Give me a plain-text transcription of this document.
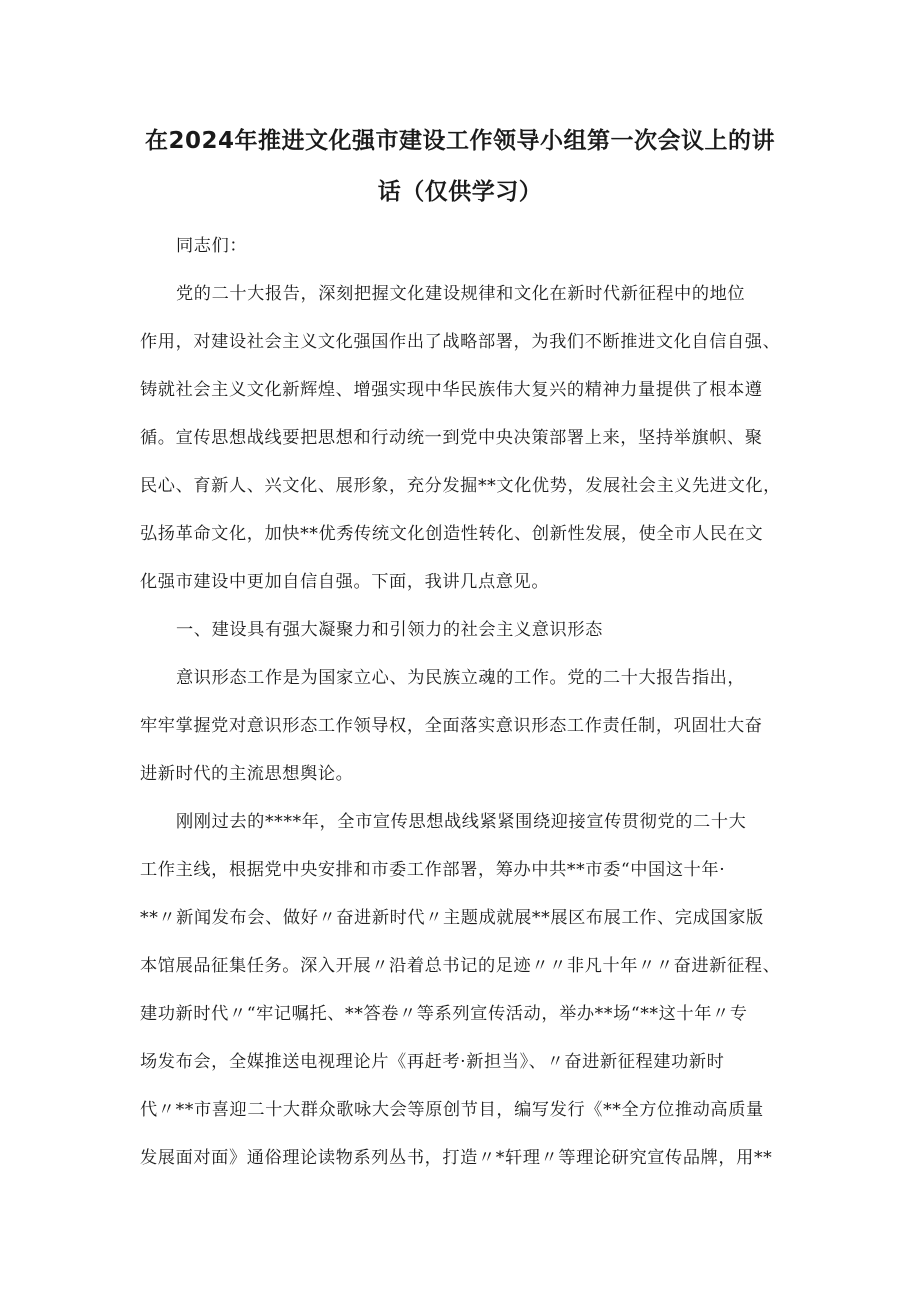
在2024年推进文化强市建设工作领导小组第一次会议上的讲
话（仅供学习）
同志们：
党的二十大报告，深刻把握文化建设规律和文化在新时代新征程中的地位
作用，对建设社会主义文化强国作出了战略部署，为我们不断推进文化自信自强、
铸就社会主义文化新辉煌、增强实现中华民族伟大复兴的精神力量提供了根本遵
循。宣传思想战线要把思想和行动统一到党中央决策部署上来，坚持举旗帜、聚
民心、育新人、兴文化、展形象，充分发掘**文化优势，发展社会主义先进文化，
弘扬革命文化，加快**优秀传统文化创造性转化、创新性发展，使全市人民在文
化强市建设中更加自信自强。下面，我讲几点意见。
一、建设具有强大凝聚力和引领力的社会主义意识形态
意识形态工作是为国家立心、为民族立魂的工作。党的二十大报告指出，
牢牢掌握党对意识形态工作领导权，全面落实意识形态工作责任制，巩固壮大奋
进新时代的主流思想舆论。
刚刚过去的****年，全市宣传思想战线紧紧围绕迎接宣传贯彻党的二十大
工作主线，根据党中央安排和市委工作部署，筹办中共**市委“中国这十年·
**〃新闻发布会、做好〃奋进新时代〃主题成就展**展区布展工作、完成国家版
本馆展品征集任务。深入开展〃沿着总书记的足迹〃〃非凡十年〃〃奋进新征程、
建功新时代〃“牢记嘱托、**答卷〃等系列宣传活动，举办**场“**这十年〃专
场发布会，全媒推送电视理论片《再赶考·新担当》、〃奋进新征程建功新时
代〃**市喜迎二十大群众歌咏大会等原创节目，编写发行《**全方位推动高质量
发展面对面》通俗理论读物系列丛书，打造〃*轩理〃等理论研究宣传品牌，用**
